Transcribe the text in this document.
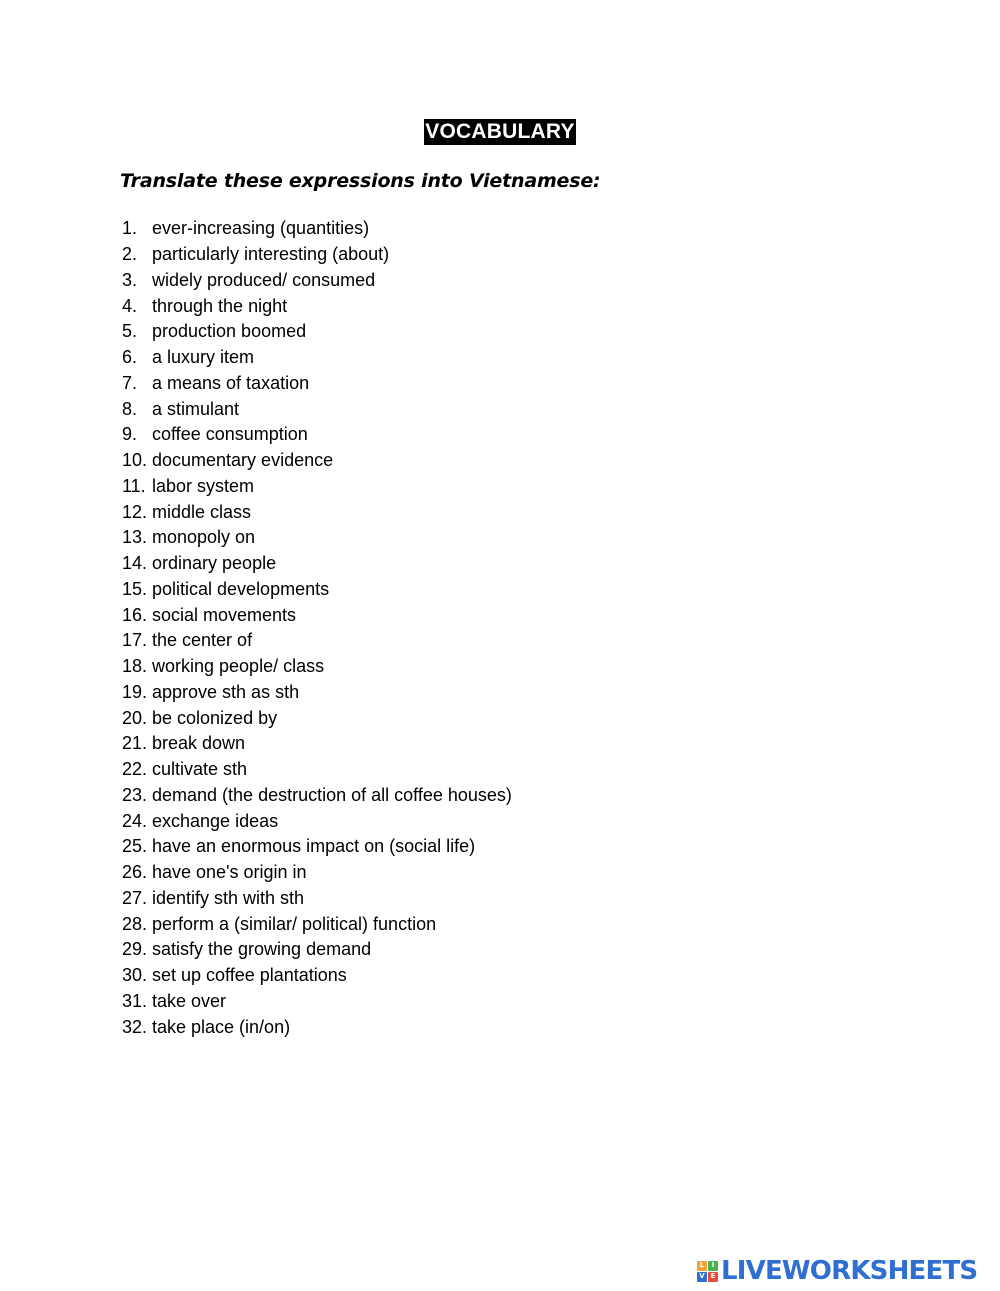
VOCABULARY
Translate these expressions into Vietnamese:
1. ever-increasing (quantities)
2. particularly interesting (about)
3. widely produced/ consumed
4. through the night
5. production boomed
6. a luxury item
7. a means of taxation
8. a stimulant
9. coffee consumption
10. documentary evidence
11. labor system
12. middle class
13. monopoly on
14. ordinary people
15. political developments
16. social movements
17. the center of
18. working people/ class
19. approve sth as sth
20. be colonized by
21. break down
22. cultivate sth
23. demand (the destruction of all coffee houses)
24. exchange ideas
25. have an enormous impact on (social life)
26. have one's origin in
27. identify sth with sth
28. perform a (similar/ political) function
29. satisfy the growing demand
30. set up coffee plantations
31. take over
32. take place (in/on)
L	I
V E LIVEWORKSHEETS
